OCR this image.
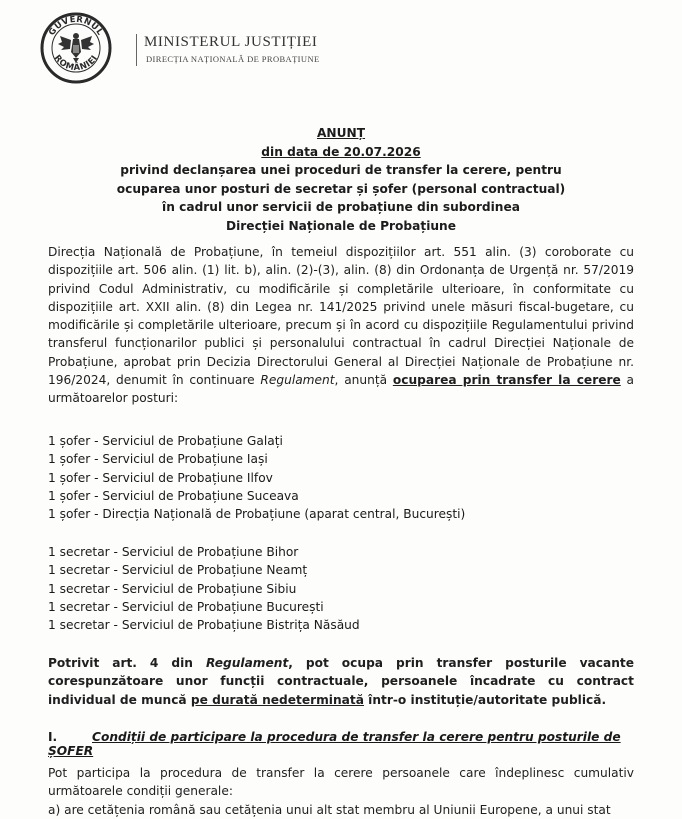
GUVERNUL
ROMÂNIEI
MINISTERUL JUSTIȚIEI
DIRECȚIA NAȚIONALĂ DE PROBAȚIUNE
ANUNȚ
din data de 20.07.2026
privind declanșarea unei proceduri de transfer la cerere, pentru
ocuparea unor posturi de secretar și șofer (personal contractual)
în cadrul unor servicii de probațiune din subordinea
Direcției Naționale de Probațiune
Direcția Națională de Probațiune, în temeiul dispozițiilor art. 551 alin. (3) coroborate cu dispozițiile art. 506 alin. (1) lit. b), alin. (2)-(3), alin. (8) din Ordonanța de Urgență nr. 57/2019 privind Codul Administrativ, cu modificările și completările ulterioare, în conformitate cu dispozițiile art. XXII alin. (8) din Legea nr. 141/2025 privind unele măsuri fiscal-bugetare, cu modificările și completările ulterioare, precum și în acord cu dispozițiile Regulamentului privind transferul funcționarilor publici și personalului contractual în cadrul Direcției Naționale de Probațiune, aprobat prin Decizia Directorului General al Direcției Naționale de Probațiune nr. 196/2024, denumit în continuare Regulament, anunță ocuparea prin transfer la cerere a următoarelor posturi:
1 șofer - Serviciul de Probațiune Galați
1 șofer - Serviciul de Probațiune Iași
1 șofer - Serviciul de Probațiune Ilfov
1 șofer - Serviciul de Probațiune Suceava
1 șofer - Direcția Națională de Probațiune (aparat central, București)
1 secretar - Serviciul de Probațiune Bihor
1 secretar - Serviciul de Probațiune Neamț
1 secretar - Serviciul de Probațiune Sibiu
1 secretar - Serviciul de Probațiune București
1 secretar - Serviciul de Probațiune Bistrița Năsăud
Potrivit art. 4 din Regulament, pot ocupa prin transfer posturile vacante corespunzătoare unor funcții contractuale, persoanele încadrate cu contract individual de muncă pe durată nedeterminată într-o instituție/autoritate publică.
I.	Condiții de participare la procedura de transfer la cerere pentru posturile de ȘOFER
Pot participa la procedura de transfer la cerere persoanele care îndeplinesc cumulativ următoarele condiții generale:
a) are cetățenia română sau cetățenia unui alt stat membru al Uniunii Europene, a unui stat
